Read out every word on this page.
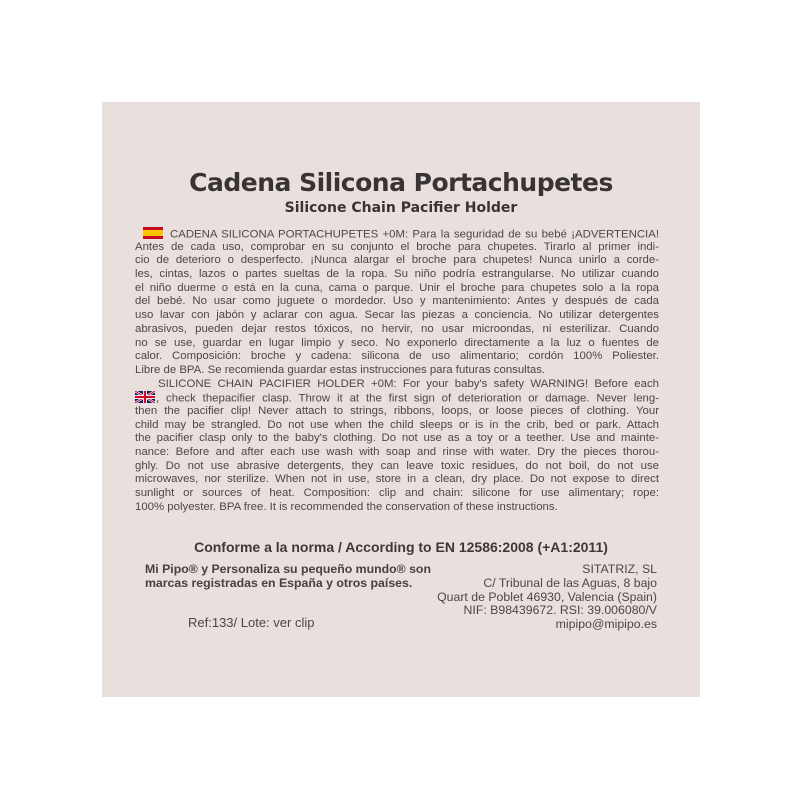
Cadena Silicona Portachupetes
Silicone Chain Pacifier Holder
CADENA SILICONA PORTACHUPETES +0M: Para la seguridad de su bebé ¡ADVERTENCIA!
Antes de cada uso, comprobar en su conjunto el broche para chupetes. Tirarlo al primer indi-
cio de deterioro o desperfecto. ¡Nunca alargar el broche para chupetes! Nunca unirlo a corde-
les, cintas, lazos o partes sueltas de la ropa. Su niño podría estrangularse. No utilizar cuando
el niño duerme o está en la cuna, cama o parque. Unir el broche para chupetes solo a la ropa
del bebé. No usar como juguete o mordedor. Uso y mantenimiento: Antes y después de cada
uso lavar con jabón y aclarar con agua. Secar las piezas a conciencia. No utilizar detergentes
abrasivos, pueden dejar restos tóxicos, no hervir, no usar microondas, ni esterilizar. Cuando
no se use, guardar en lugar limpio y seco. No exponerlo directamente a la luz o fuentes de
calor. Composición: broche y cadena: silicona de uso alimentario; cordón 100% Poliester.
Libre de BPA. Se recomienda guardar estas instrucciones para futuras consultas.
SILICONE CHAIN PACIFIER HOLDER +0M: For your baby's safety WARNING! Before each
, check thepacifier clasp. Throw it at the first sign of deterioration or damage. Never leng-
then the pacifier clip! Never attach to strings, ribbons, loops, or loose pieces of clothing. Your
child may be strangled. Do not use when the child sleeps or is in the crib, bed or park. Attach
the pacifier clasp only to the baby's clothing. Do not use as a toy or a teether. Use and mainte-
nance: Before and after each use wash with soap and rinse with water. Dry the pieces thorou-
ghly. Do not use abrasive detergents, they can leave toxic residues, do not boil, do not use
microwaves, nor sterilize. When not in use, store in a clean, dry place. Do not expose to direct
sunlight or sources of heat. Composition: clip and chain: silicone for use alimentary; rope:
100% polyester. BPA free. It is recommended the conservation of these instructions.
Conforme a la norma / According to EN 12586:2008 (+A1:2011)
Mi Pipo® y Personaliza su pequeño mundo® son
marcas registradas en España y otros países.
SITATRIZ, SL
C/ Tribunal de las Aguas, 8 bajo
Quart de Poblet 46930, Valencia (Spain)
NIF: B98439672. RSI: 39.006080/V
mipipo@mipipo.es
Ref:133/ Lote: ver clip
